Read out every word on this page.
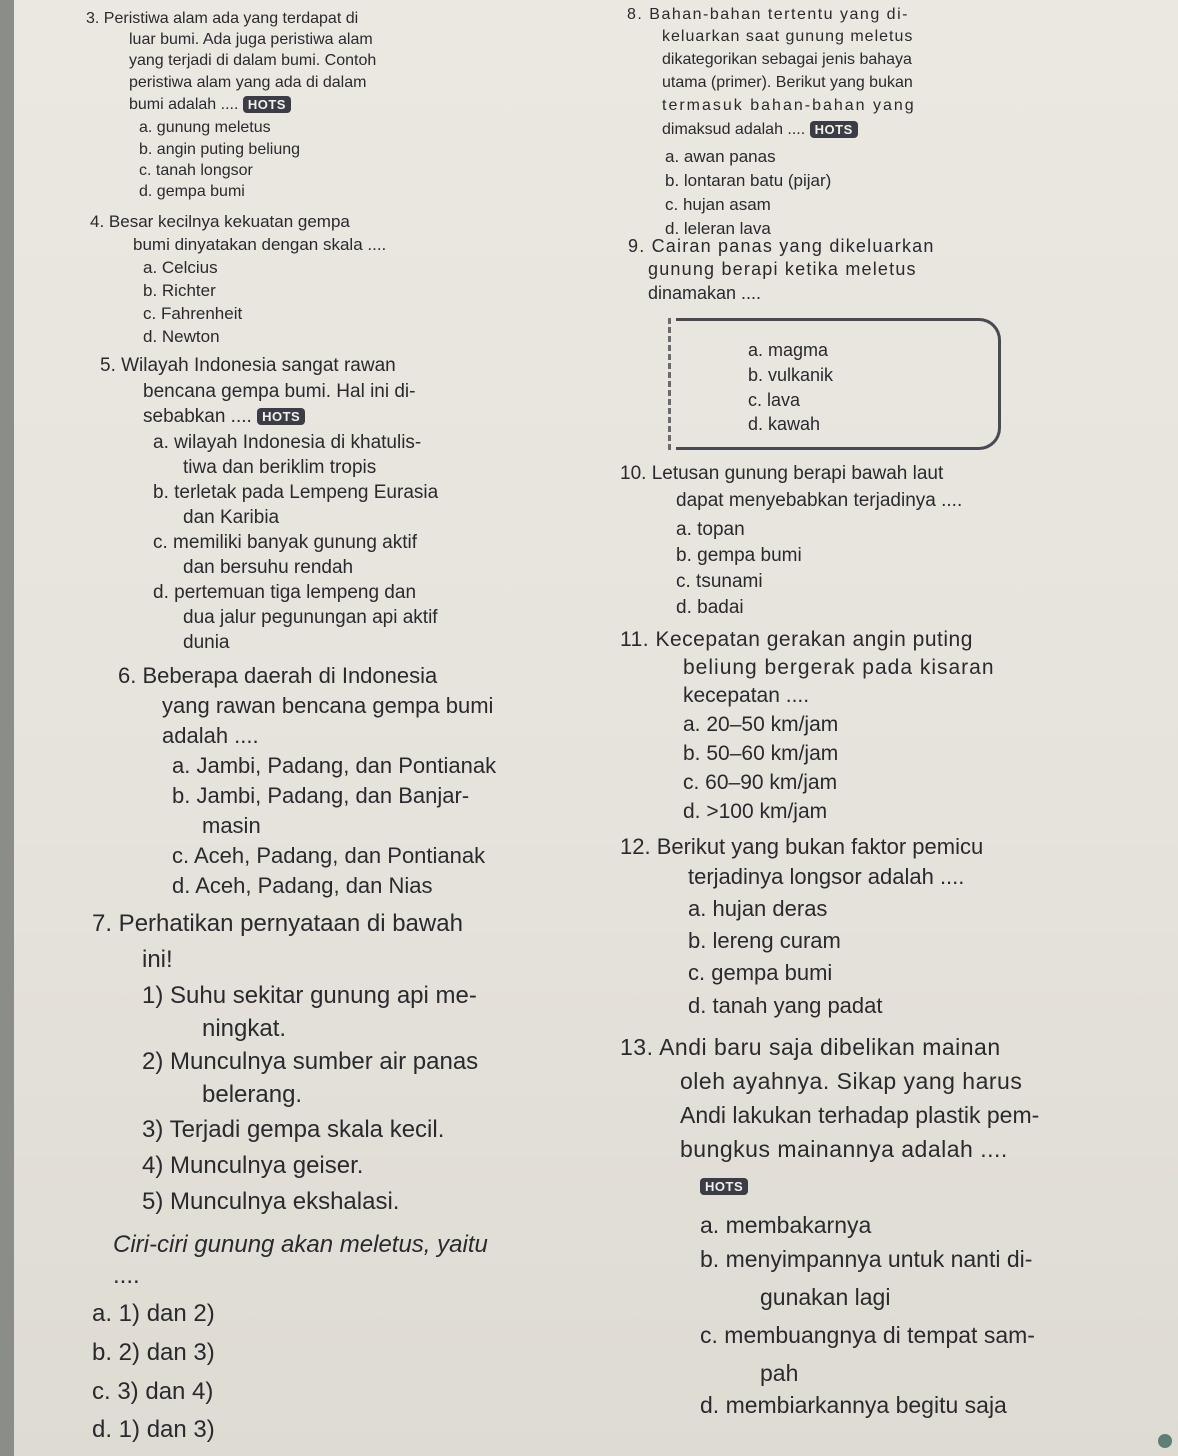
3. Peristiwa alam ada yang terdapat di
luar bumi. Ada juga peristiwa alam
yang terjadi di dalam bumi. Contoh
peristiwa alam yang ada di dalam
bumi adalah .... HOTS
a. gunung meletus
b. angin puting beliung
c. tanah longsor
d. gempa bumi
4. Besar kecilnya kekuatan gempa
bumi dinyatakan dengan skala ....
a. Celcius
b. Richter
c. Fahrenheit
d. Newton
5. Wilayah Indonesia sangat rawan
bencana gempa bumi. Hal ini di-
sebabkan .... HOTS
a. wilayah Indonesia di khatulis-
tiwa dan beriklim tropis
b. terletak pada Lempeng Eurasia
dan Karibia
c. memiliki banyak gunung aktif
dan bersuhu rendah
d. pertemuan tiga lempeng dan
dua jalur pegunungan api aktif
dunia
6. Beberapa daerah di Indonesia
yang rawan bencana gempa bumi
adalah ....
a. Jambi, Padang, dan Pontianak
b. Jambi, Padang, dan Banjar-
masin
c. Aceh, Padang, dan Pontianak
d. Aceh, Padang, dan Nias
7. Perhatikan pernyataan di bawah
ini!
1) Suhu sekitar gunung api me-
ningkat.
2) Munculnya sumber air panas
belerang.
3) Terjadi gempa skala kecil.
4) Munculnya geiser.
5) Munculnya ekshalasi.
Ciri-ciri gunung akan meletus, yaitu
....
a. 1) dan 2)
b. 2) dan 3)
c. 3) dan 4)
d. 1) dan 3)
8. Bahan-bahan tertentu yang di-
keluarkan saat gunung meletus
dikategorikan sebagai jenis bahaya
utama (primer). Berikut yang bukan
termasuk bahan-bahan yang
dimaksud adalah .... HOTS
a. awan panas
b. lontaran batu (pijar)
c. hujan asam
d. leleran lava
9. Cairan panas yang dikeluarkan
gunung berapi ketika meletus
dinamakan ....
a. magma
b. vulkanik
c. lava
d. kawah
10. Letusan gunung berapi bawah laut
dapat menyebabkan terjadinya ....
a. topan
b. gempa bumi
c. tsunami
d. badai
11. Kecepatan gerakan angin puting
beliung bergerak pada kisaran
kecepatan ....
a. 20–50 km/jam
b. 50–60 km/jam
c. 60–90 km/jam
d. >100 km/jam
12. Berikut yang bukan faktor pemicu
terjadinya longsor adalah ....
a. hujan deras
b. lereng curam
c. gempa bumi
d. tanah yang padat
13. Andi baru saja dibelikan mainan
oleh ayahnya. Sikap yang harus
Andi lakukan terhadap plastik pem-
bungkus mainannya adalah ....
HOTS
a. membakarnya
b. menyimpannya untuk nanti di-
gunakan lagi
c. membuangnya di tempat sam-
pah
d. membiarkannya begitu saja
